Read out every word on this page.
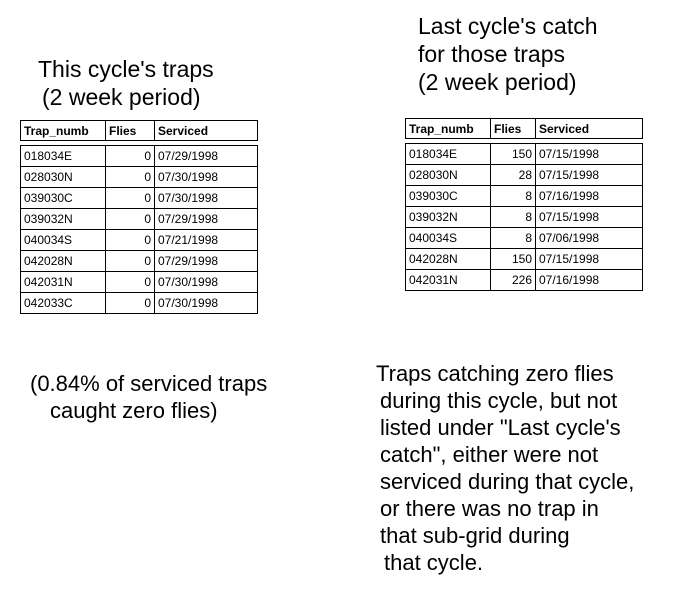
This cycle's traps
(2 week period)
Trap_numb	Flies	Serviced

018034E	0	07/29/1998
028030N	0	07/30/1998
039030C	0	07/30/1998
039032N	0	07/29/1998
040034S	0	07/21/1998
042028N	0	07/29/1998
042031N	0	07/30/1998
042033C	0	07/30/1998
(0.84% of serviced traps
caught zero flies)
Last cycle's catch
for those traps
(2 week period)
Trap_numb	Flies	Serviced

018034E	150	07/15/1998
028030N	28	07/15/1998
039030C	8	07/16/1998
039032N	8	07/15/1998
040034S	8	07/06/1998
042028N	150	07/15/1998
042031N	226	07/16/1998
Traps catching zero flies
during this cycle, but not
listed under "Last cycle's
catch", either were not
serviced during that cycle,
or there was no trap in
that sub-grid during
that cycle.
